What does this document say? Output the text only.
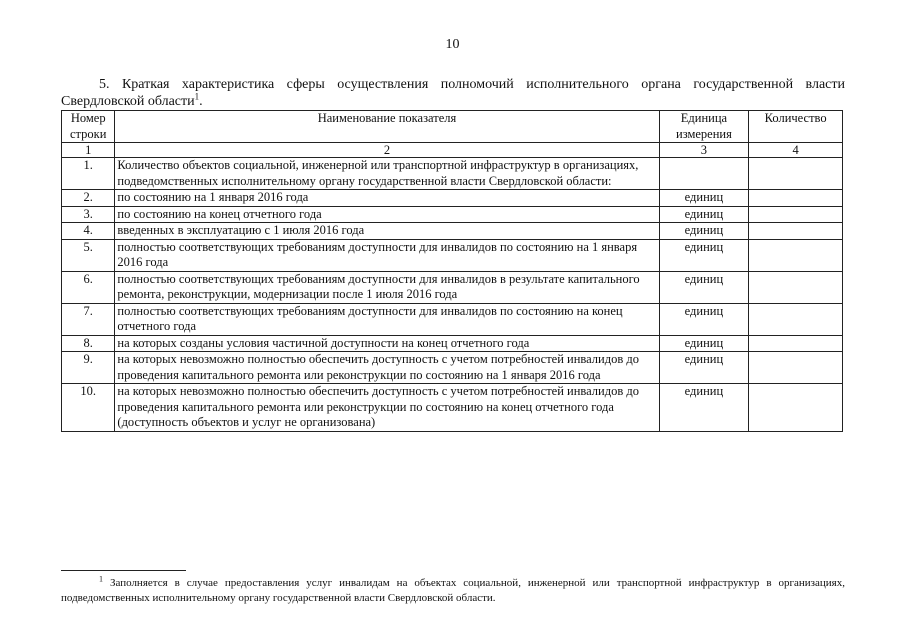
10
5. Краткая характеристика сферы осуществления полномочий исполнительного органа государственной власти Свердловской области$^1$.
Номер строки	Наименование показателя	Единица измерения	Количество
1	2	3	4
1.	Количество объектов социальной, инженерной или транспортной инфраструктур в организациях, подведомственных исполнительному органу государственной власти Свердловской области:		
2.	по состоянию на 1 января 2016 года	единиц	
3.	по состоянию на конец отчетного года	единиц	
4.	введенных в эксплуатацию с 1 июля 2016 года	единиц	
5.	полностью соответствующих требованиям доступности для инвалидов по состоянию на 1 января 2016 года	единиц	
6.	полностью соответствующих требованиям доступности для инвалидов в результате капитального ремонта, реконструкции, модернизации после 1 июля 2016 года	единиц	
7.	полностью соответствующих требованиям доступности для инвалидов по состоянию на конец отчетного года	единиц	
8.	на которых созданы условия частичной доступности на конец отчетного года	единиц	
9.	на которых невозможно полностью обеспечить доступность с учетом потребностей инвалидов до проведения капитального ремонта или реконструкции по состоянию на 1 января 2016 года	единиц	
10.	на которых невозможно полностью обеспечить доступность с учетом потребностей инвалидов до проведения капитального ремонта или реконструкции по состоянию на конец отчетного года (доступность объектов и услуг не организована)	единиц	
$^1$ Заполняется в случае предоставления услуг инвалидам на объектах социальной, инженерной или транспортной инфраструктур в организациях, подведомственных исполнительному органу государственной власти Свердловской области.
